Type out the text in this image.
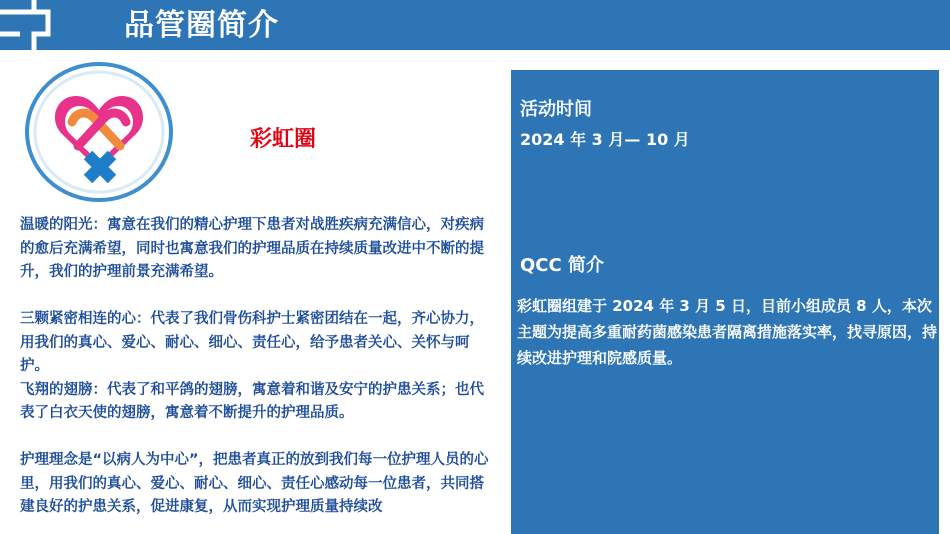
品管圈简介
彩虹圈

温暖的阳光：寓意在我们的精心护理下患者对战胜疾病充满信心，对疾病的愈后充满希望，同时也寓意我们的护理品质在持续质量改进中不断的提升，我们的护理前景充满希望。

三颗紧密相连的心：代表了我们骨伤科护士紧密团结在一起，齐心协力，用我们的真心、爱心、耐心、细心、责任心，给予患者关心、关怀与呵护。

飞翔的翅膀：代表了和平鸽的翅膀，寓意着和谐及安宁的护患关系；也代表了白衣天使的翅膀，寓意着不断提升的护理品质。

护理理念是“以病人为中心”，把患者真正的放到我们每一位护理人员的心里，用我们的真心、爱心、耐心、细心、责任心感动每一位患者，共同搭建良好的护患关系，促进康复，从而实现护理质量持续改

活动时间
2024 年 3 月— 10 月
QCC 简介
彩虹圈组建于 2024 年 3 月 5 日，目前小组成员 8 人，本次主题为提高多重耐药菌感染患者隔离措施落实率，找寻原因，持续改进护理和院感质量。
